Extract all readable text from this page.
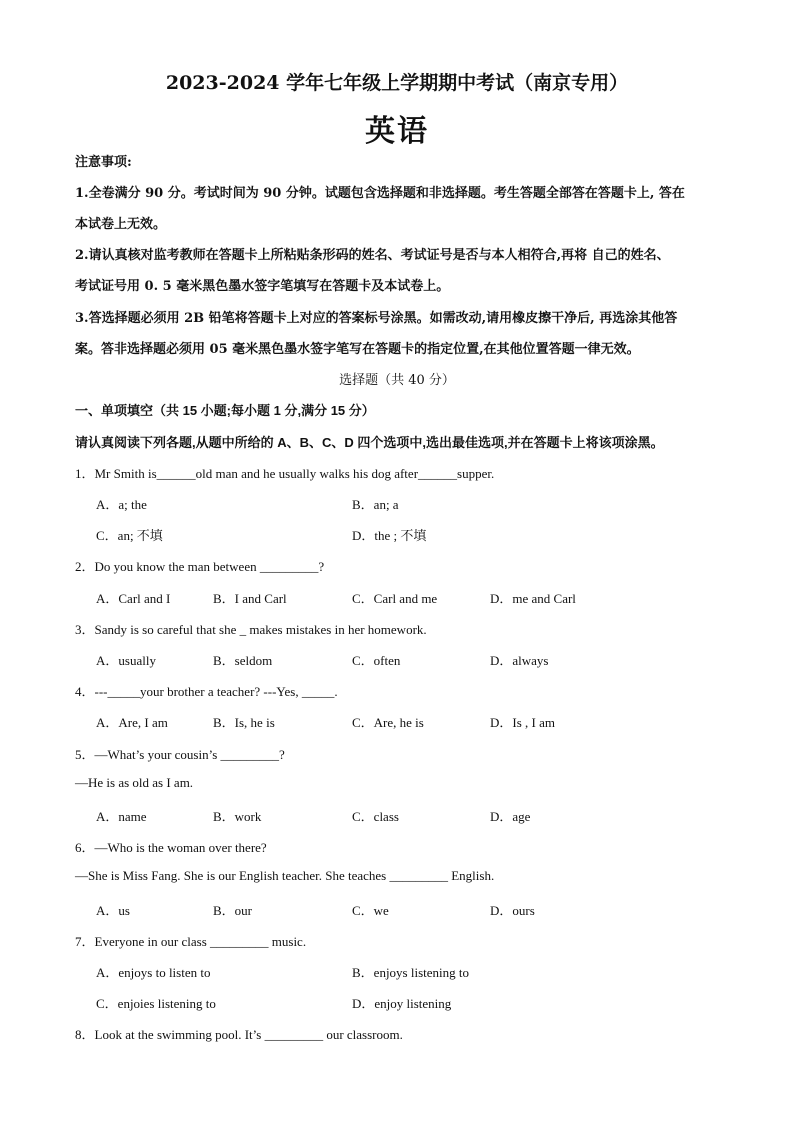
2023-2024 学年七年级上学期期中考试（南京专用）
英语
注意事项:
1.全卷满分 90 分。考试时间为 90 分钟。试题包含选择题和非选择题。考生答题全部答在答题卡上, 答在
本试卷上无效。
2.请认真核对监考教师在答题卡上所粘贴条形码的姓名、考试证号是否与本人相符合,再将 自己的姓名、
考试证号用 0. 5 毫米黑色墨水签字笔填写在答题卡及本试卷上。
3.答选择题必须用 2B 铅笔将答题卡上对应的答案标号涂黑。如需改动,请用橡皮擦干净后, 再选涂其他答
案。答非选择题必须用 05 毫米黑色墨水签字笔写在答题卡的指定位置,在其他位置答题一律无效。
选择题（共 40 分）
一、单项填空（共 15 小题;每小题 1 分,满分 15 分）
请认真阅读下列各题,从题中所给的 A、B、C、D 四个选项中,选出最佳选项,并在答题卡上将该项涂黑。
1．Mr Smith is______old man and he usually walks his dog after______supper.
A．a; the	B．an; a
C．an; 不填	D．the ; 不填
2．Do you know the man between _________?
A．Carl and I	B．I and Carl	C．Carl and me	D．me and Carl
3．Sandy is so careful that she _ makes mistakes in her homework.
A．usually	B．seldom	C．often	D．always
4．---_____your brother a teacher? ---Yes, _____.
A．Are, I am	B．Is, he is	C．Are, he is	D．Is , I am
5．—What’s your cousin’s _________?
—He is as old as I am.
A．name	B．work	C．class	D．age
6．—Who is the woman over there?
—She is Miss Fang. She is our English teacher. She teaches _________ English.
A．us	B．our	C．we	D．ours
7．Everyone in our class _________ music.
A．enjoys to listen to	B．enjoys listening to
C．enjoies listening to	D．enjoy listening
8．Look at the swimming pool. It’s _________ our classroom.
